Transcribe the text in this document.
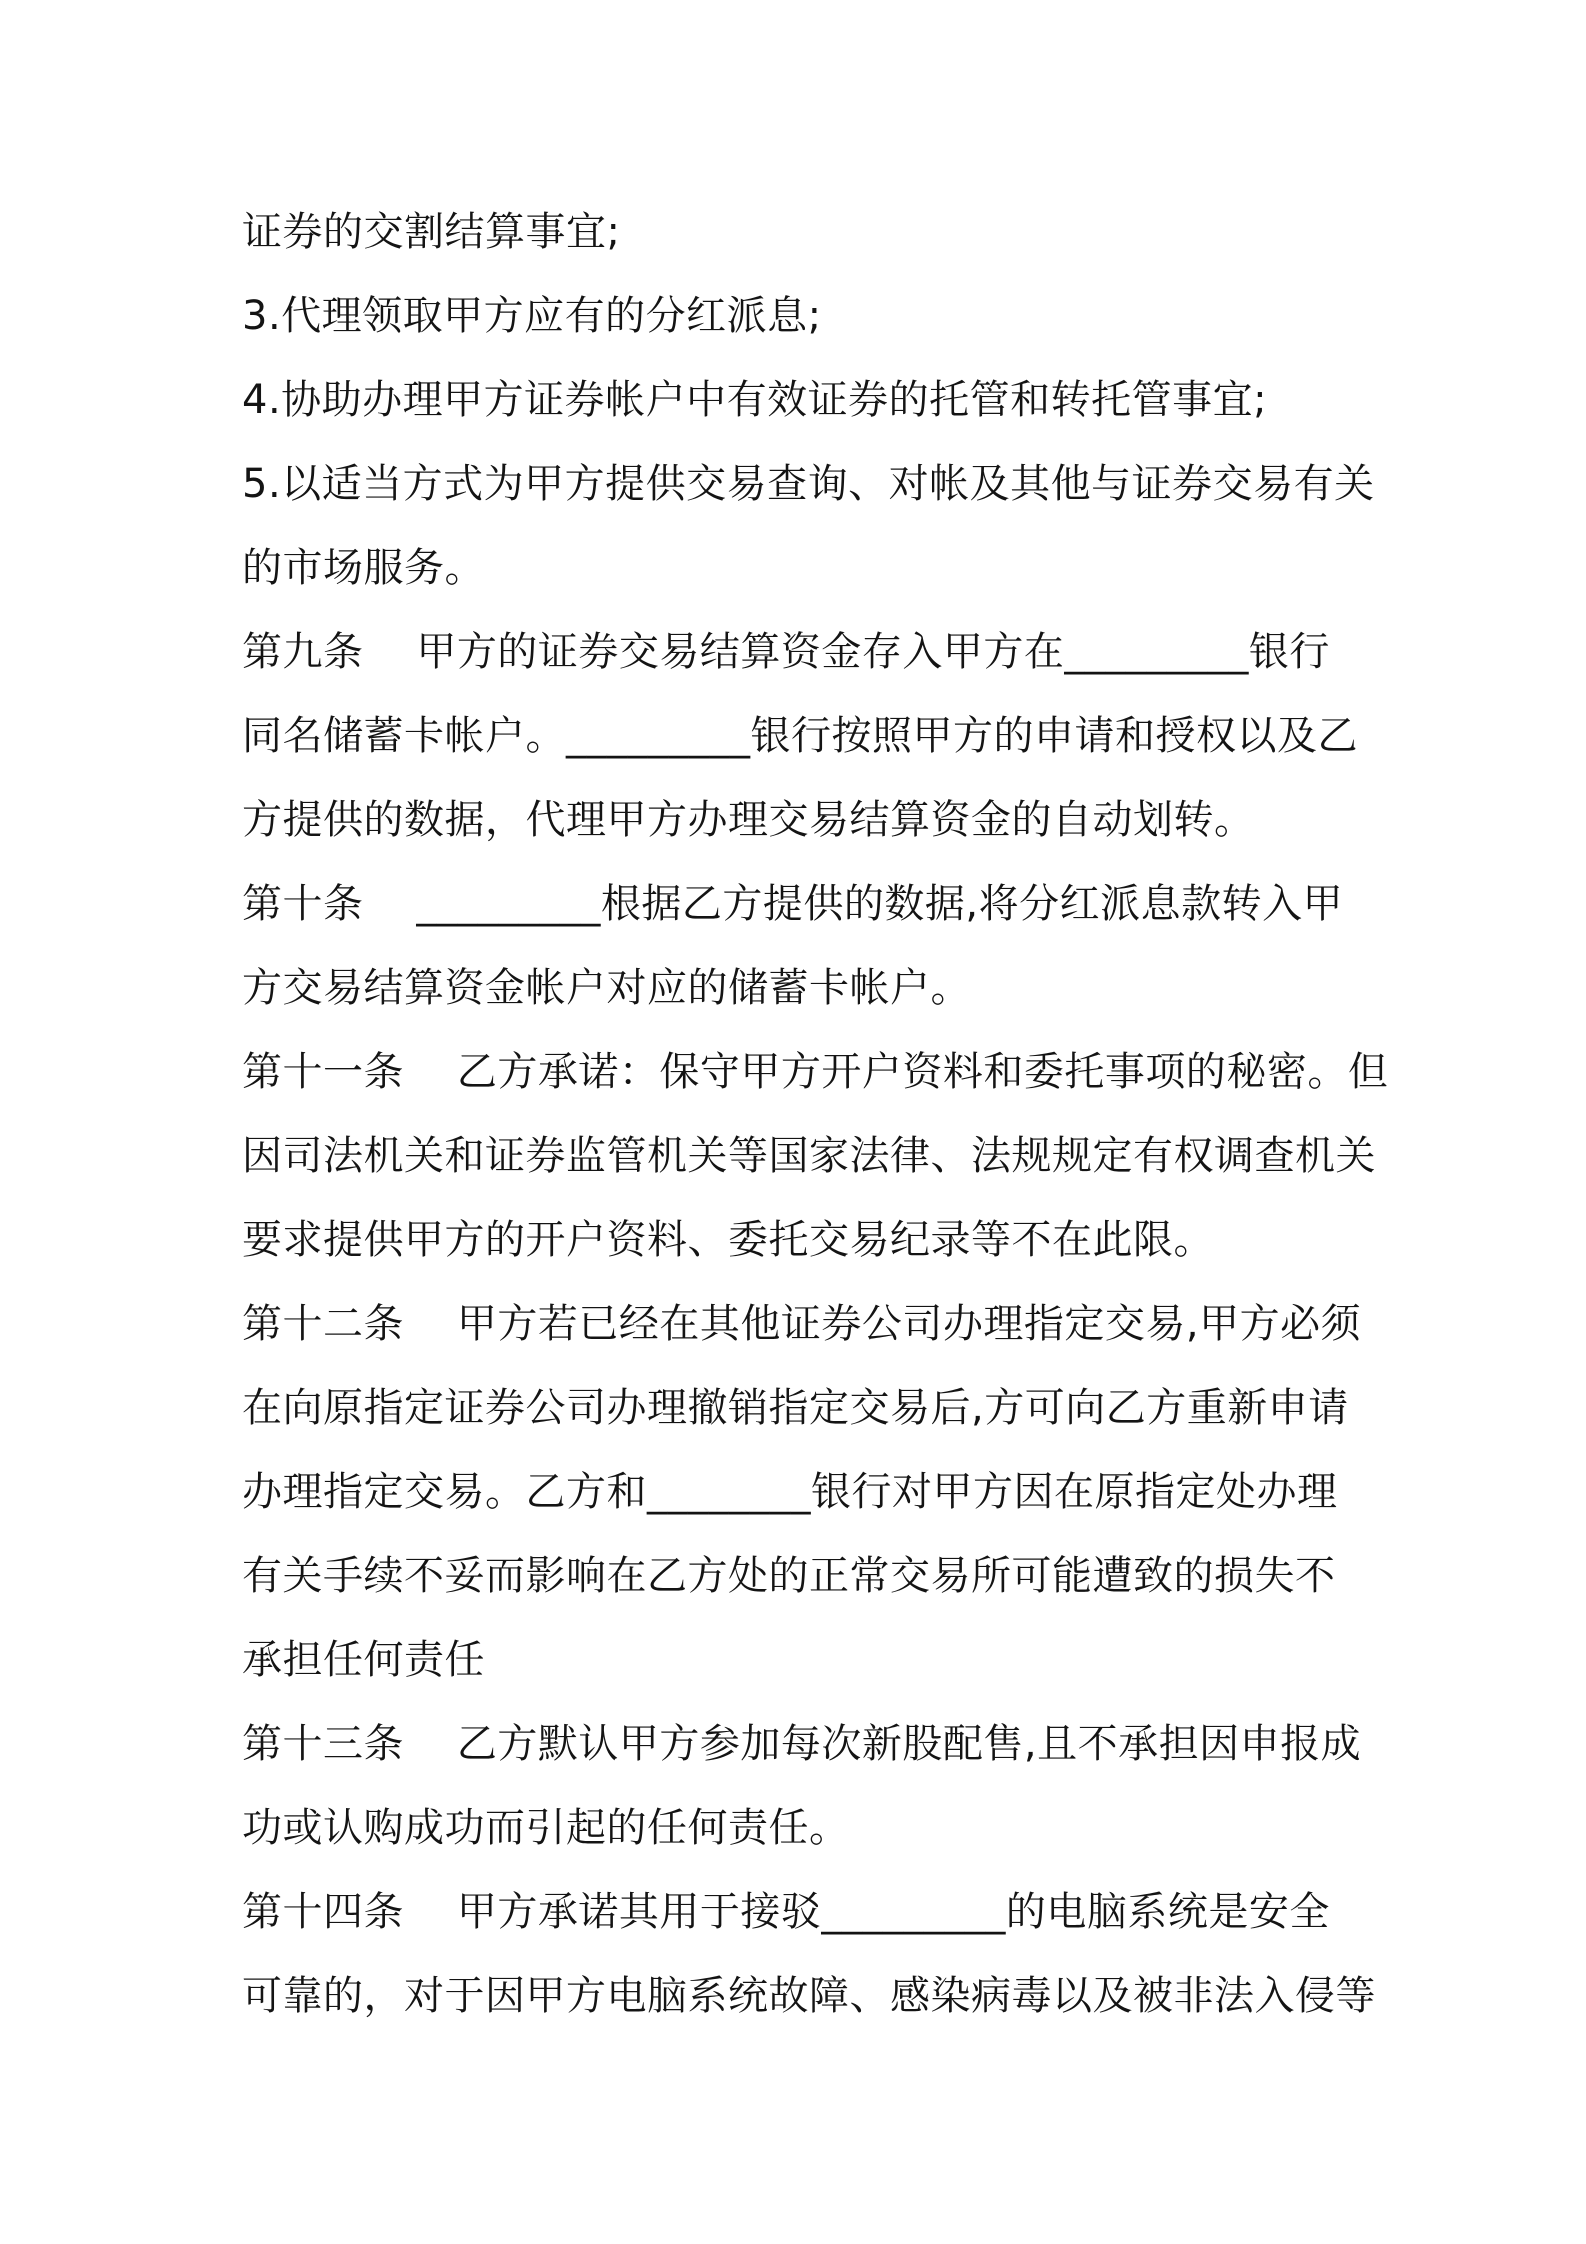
证券的交割结算事宜;
3.代理领取甲方应有的分红派息;
4.协助办理甲方证券帐户中有效证券的托管和转托管事宜;
5.以适当方式为甲方提供交易查询、对帐及其他与证券交易有关
的市场服务。
第九条    甲方的证券交易结算资金存入甲方在_________银行
同名储蓄卡帐户。_________银行按照甲方的申请和授权以及乙
方提供的数据，代理甲方办理交易结算资金的自动划转。
第十条    _________根据乙方提供的数据,将分红派息款转入甲
方交易结算资金帐户对应的储蓄卡帐户。
第十一条    乙方承诺：保守甲方开户资料和委托事项的秘密。但
因司法机关和证券监管机关等国家法律、法规规定有权调查机关
要求提供甲方的开户资料、委托交易纪录等不在此限。
第十二条    甲方若已经在其他证券公司办理指定交易,甲方必须
在向原指定证券公司办理撤销指定交易后,方可向乙方重新申请
办理指定交易。乙方和________银行对甲方因在原指定处办理
有关手续不妥而影响在乙方处的正常交易所可能遭致的损失不
承担任何责任
第十三条    乙方默认甲方参加每次新股配售,且不承担因申报成
功或认购成功而引起的任何责任。
第十四条    甲方承诺其用于接驳_________的电脑系统是安全
可靠的，对于因甲方电脑系统故障、感染病毒以及被非法入侵等
